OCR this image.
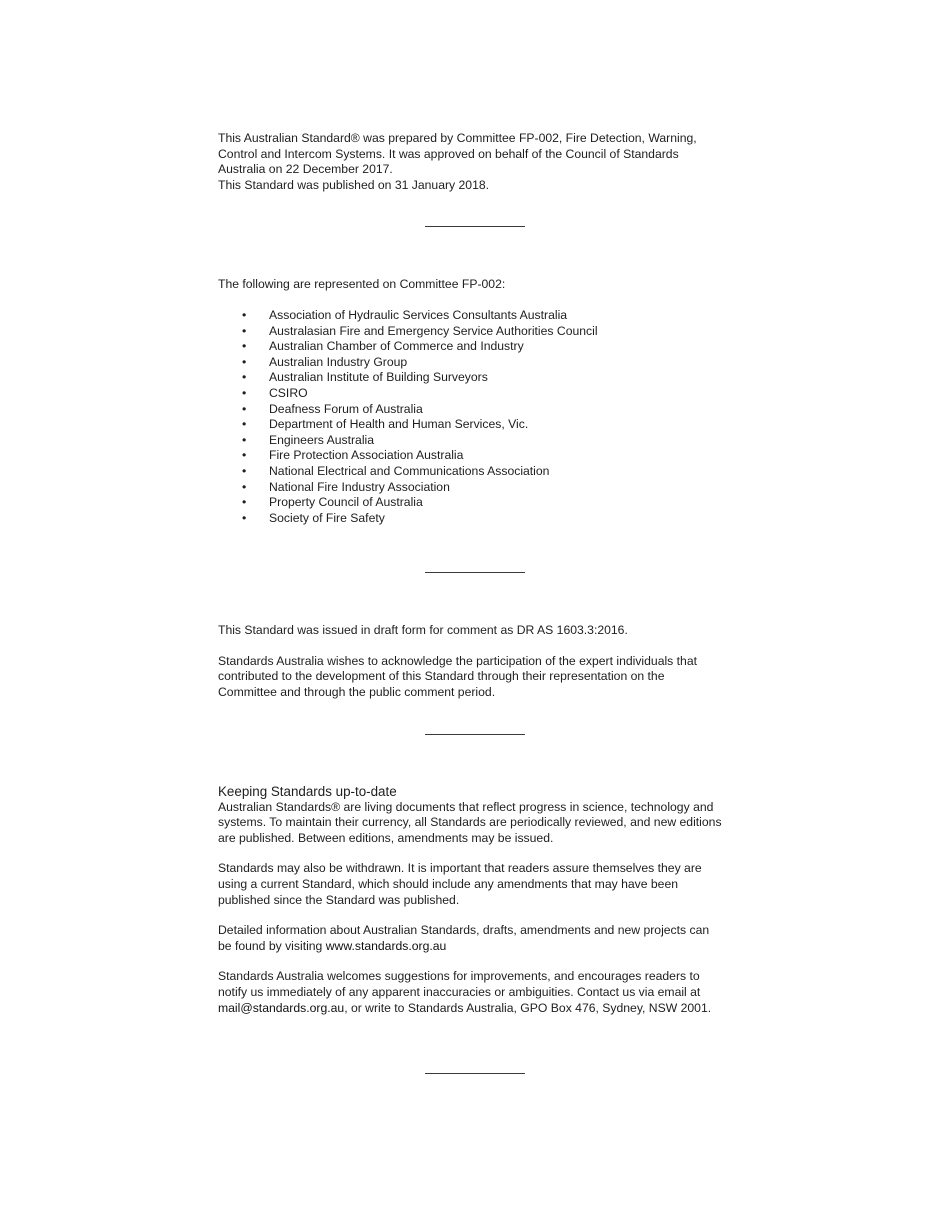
This Australian Standard® was prepared by Committee FP-002, Fire Detection, Warning,
Control and Intercom Systems. It was approved on behalf of the Council of Standards
Australia on 22 December 2017.
This Standard was published on 31 January 2018.

The following are represented on Committee FP-002:

• Association of Hydraulic Services Consultants Australia
• Australasian Fire and Emergency Service Authorities Council
• Australian Chamber of Commerce and Industry
• Australian Industry Group
• Australian Institute of Building Surveyors
• CSIRO
• Deafness Forum of Australia
• Department of Health and Human Services, Vic.
• Engineers Australia
• Fire Protection Association Australia
• National Electrical and Communications Association
• National Fire Industry Association
• Property Council of Australia
• Society of Fire Safety

This Standard was issued in draft form for comment as DR AS 1603.3:2016.

Standards Australia wishes to acknowledge the participation of the expert individuals that
contributed to the development of this Standard through their representation on the
Committee and through the public comment period.

Keeping Standards up-to-date

Australian Standards® are living documents that reflect progress in science, technology and
systems. To maintain their currency, all Standards are periodically reviewed, and new editions
are published. Between editions, amendments may be issued.

Standards may also be withdrawn. It is important that readers assure themselves they are
using a current Standard, which should include any amendments that may have been
published since the Standard was published.

Detailed information about Australian Standards, drafts, amendments and new projects can
be found by visiting www.standards.org.au

Standards Australia welcomes suggestions for improvements, and encourages readers to
notify us immediately of any apparent inaccuracies or ambiguities. Contact us via email at
mail@standards.org.au, or write to Standards Australia, GPO Box 476, Sydney, NSW 2001.
